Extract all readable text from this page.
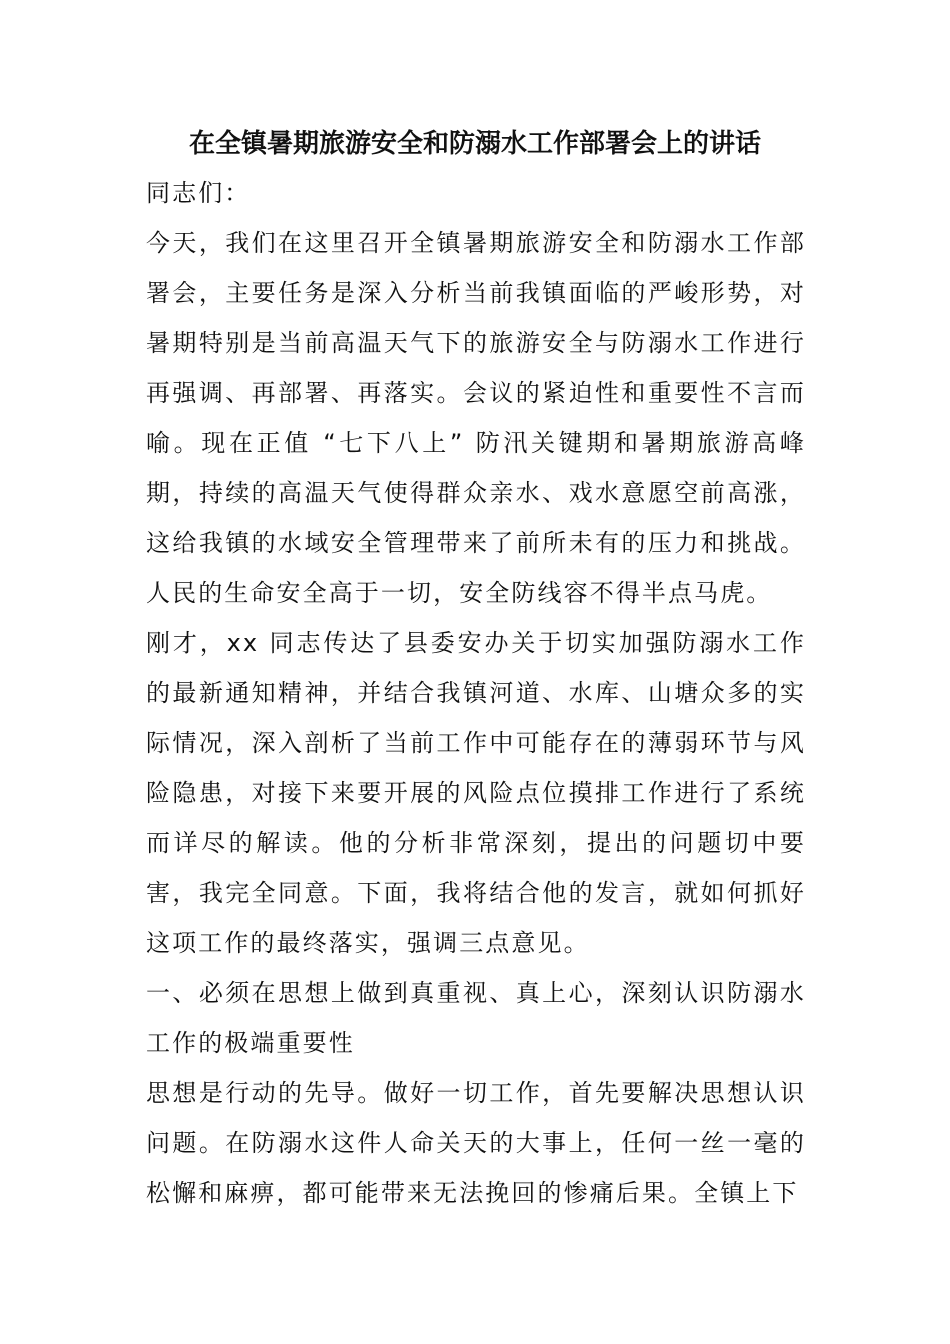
在全镇暑期旅游安全和防溺水工作部署会上的讲话

同志们：

今天，我们在这里召开全镇暑期旅游安全和防溺水工作部署会，主要任务是深入分析当前我镇面临的严峻形势，对暑期特别是当前高温天气下的旅游安全与防溺水工作进行再强调、再部署、再落实。会议的紧迫性和重要性不言而喻。现在正值 “七下八上” 防汛关键期和暑期旅游高峰期，持续的高温天气使得群众亲水、戏水意愿空前高涨，这给我镇的水域安全管理带来了前所未有的压力和挑战。人民的生命安全高于一切，安全防线容不得半点马虎。

刚才，xx 同志传达了县委安办关于切实加强防溺水工作的最新通知精神，并结合我镇河道、水库、山塘众多的实际情况，深入剖析了当前工作中可能存在的薄弱环节与风险隐患，对接下来要开展的风险点位摸排工作进行了系统而详尽的解读。他的分析非常深刻，提出的问题切中要害，我完全同意。下面，我将结合他的发言，就如何抓好这项工作的最终落实，强调三点意见。

一、必须在思想上做到真重视、真上心，深刻认识防溺水工作的极端重要性

思想是行动的先导。做好一切工作，首先要解决思想认识问题。在防溺水这件人命关天的大事上，任何一丝一毫的松懈和麻痹，都可能带来无法挽回的惨痛后果。全镇上下
